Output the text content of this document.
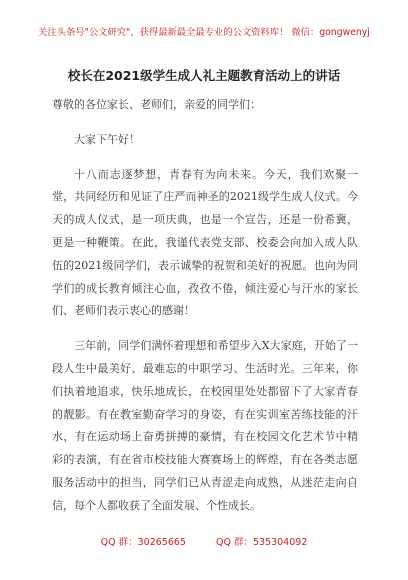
关注头条号"公文研究"，获得最新最全最专业的公文资料库！ 微信：gongwenyj
校长在2021级学生成人礼主题教育活动上的讲话

尊敬的各位家长、老师们，亲爱的同学们：

大家下午好！

十八而志逐梦想，青春有为向未来。今天，我们欢聚一堂，共同经历和见证了庄严而神圣的2021级学生成人仪式。今天的成人仪式，是一项庆典，也是一个宣告，还是一份希冀，更是一种鞭策。在此，我谨代表党支部、校委会向加入成人队伍的2021级同学们，表示诚挚的祝贺和美好的祝愿。也向为同学们的成长教育倾注心血，孜孜不倦，倾注爱心与汗水的家长们、老师们表示衷心的感谢！

三年前，同学们满怀着理想和希望步入X大家庭，开始了一段人生中最美好、最难忘的中职学习、生活时光。三年来，你们执着地追求，快乐地成长，在校园里处处都留下了大家青春的靓影。有在教室勤奋学习的身姿，有在实训室苦练技能的汗水，有在运动场上奋勇拼搏的豪情，有在校园文化艺术节中精彩的表演，有在省市校技能大赛赛场上的辉煌，有在各类志愿服务活动中的担当，同学们已从青涩走向成熟，从迷茫走向自信，每个人都收获了全面发展、个性成长。

QQ 群：30265665	QQ 群：535304092
